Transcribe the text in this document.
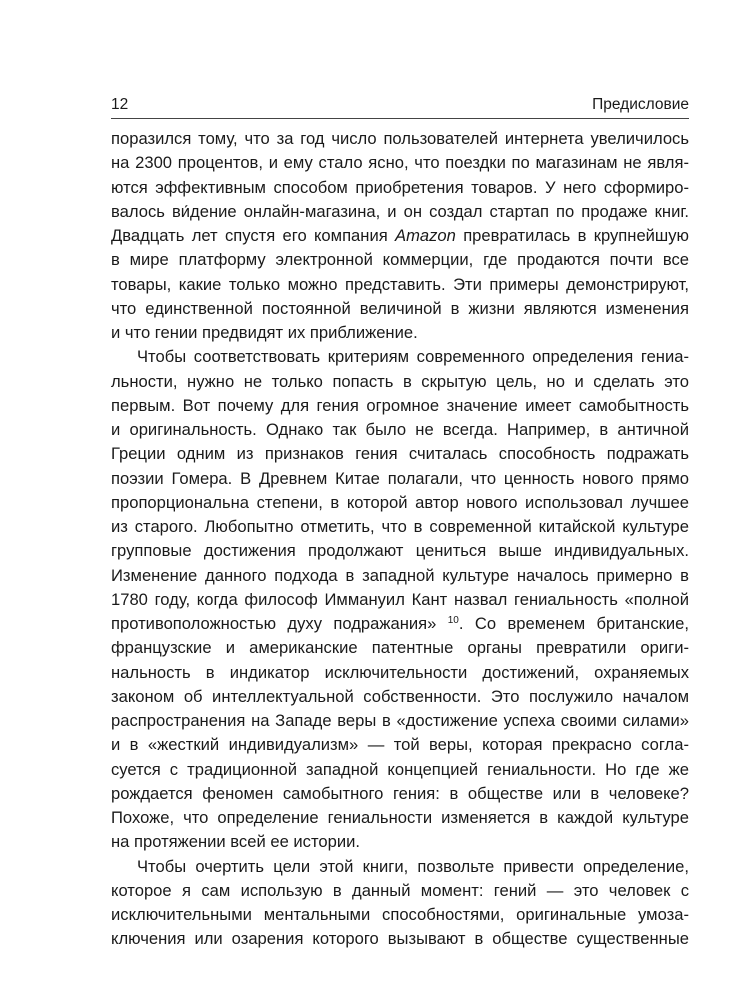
12	Предисловие
поразился тому, что за год число пользователей интернета увеличилось
на 2300 процентов, и ему стало ясно, что поездки по магазинам не явля-
ются эффективным способом приобретения товаров. У него сформиро-
валось ви́дение онлайн-магазина, и он создал стартап по продаже книг.
Двадцать лет спустя его компания Amazon превратилась в крупнейшую
в мире платформу электронной коммерции, где продаются почти все
товары, какие только можно представить. Эти примеры демонстрируют,
что единственной постоянной величиной в жизни являются изменения
и что гении предвидят их приближение.
Чтобы соответствовать критериям современного определения гениа-
льности, нужно не только попасть в скрытую цель, но и сделать это
первым. Вот почему для гения огромное значение имеет самобытность
и оригинальность. Однако так было не всегда. Например, в античной
Греции одним из признаков гения считалась способность подражать
поэзии Гомера. В Древнем Китае полагали, что ценность нового прямо
пропорциональна степени, в которой автор нового использовал лучшее
из старого. Любопытно отметить, что в современной китайской культуре
групповые достижения продолжают цениться выше индивидуальных.
Изменение данного подхода в западной культуре началось примерно в
1780 году, когда философ Иммануил Кант назвал гениальность «полной
противоположностью духу подражания» $^{10}$. Со временем британские,
французские и американские патентные органы превратили ориги-
нальность в индикатор исключительности достижений, охраняемых
законом об интеллектуальной собственности. Это послужило началом
распространения на Западе веры в «достижение успеха своими силами»
и в «жесткий индивидуализм» — той веры, которая прекрасно согла-
суется с традиционной западной концепцией гениальности. Но где же
рождается феномен самобытного гения: в обществе или в человеке?
Похоже, что определение гениальности изменяется в каждой культуре
на протяжении всей ее истории.
Чтобы очертить цели этой книги, позвольте привести определение,
которое я сам использую в данный момент: гений — это человек с
исключительными ментальными способностями, оригинальные умоза-
ключения или озарения которого вызывают в обществе существенные
